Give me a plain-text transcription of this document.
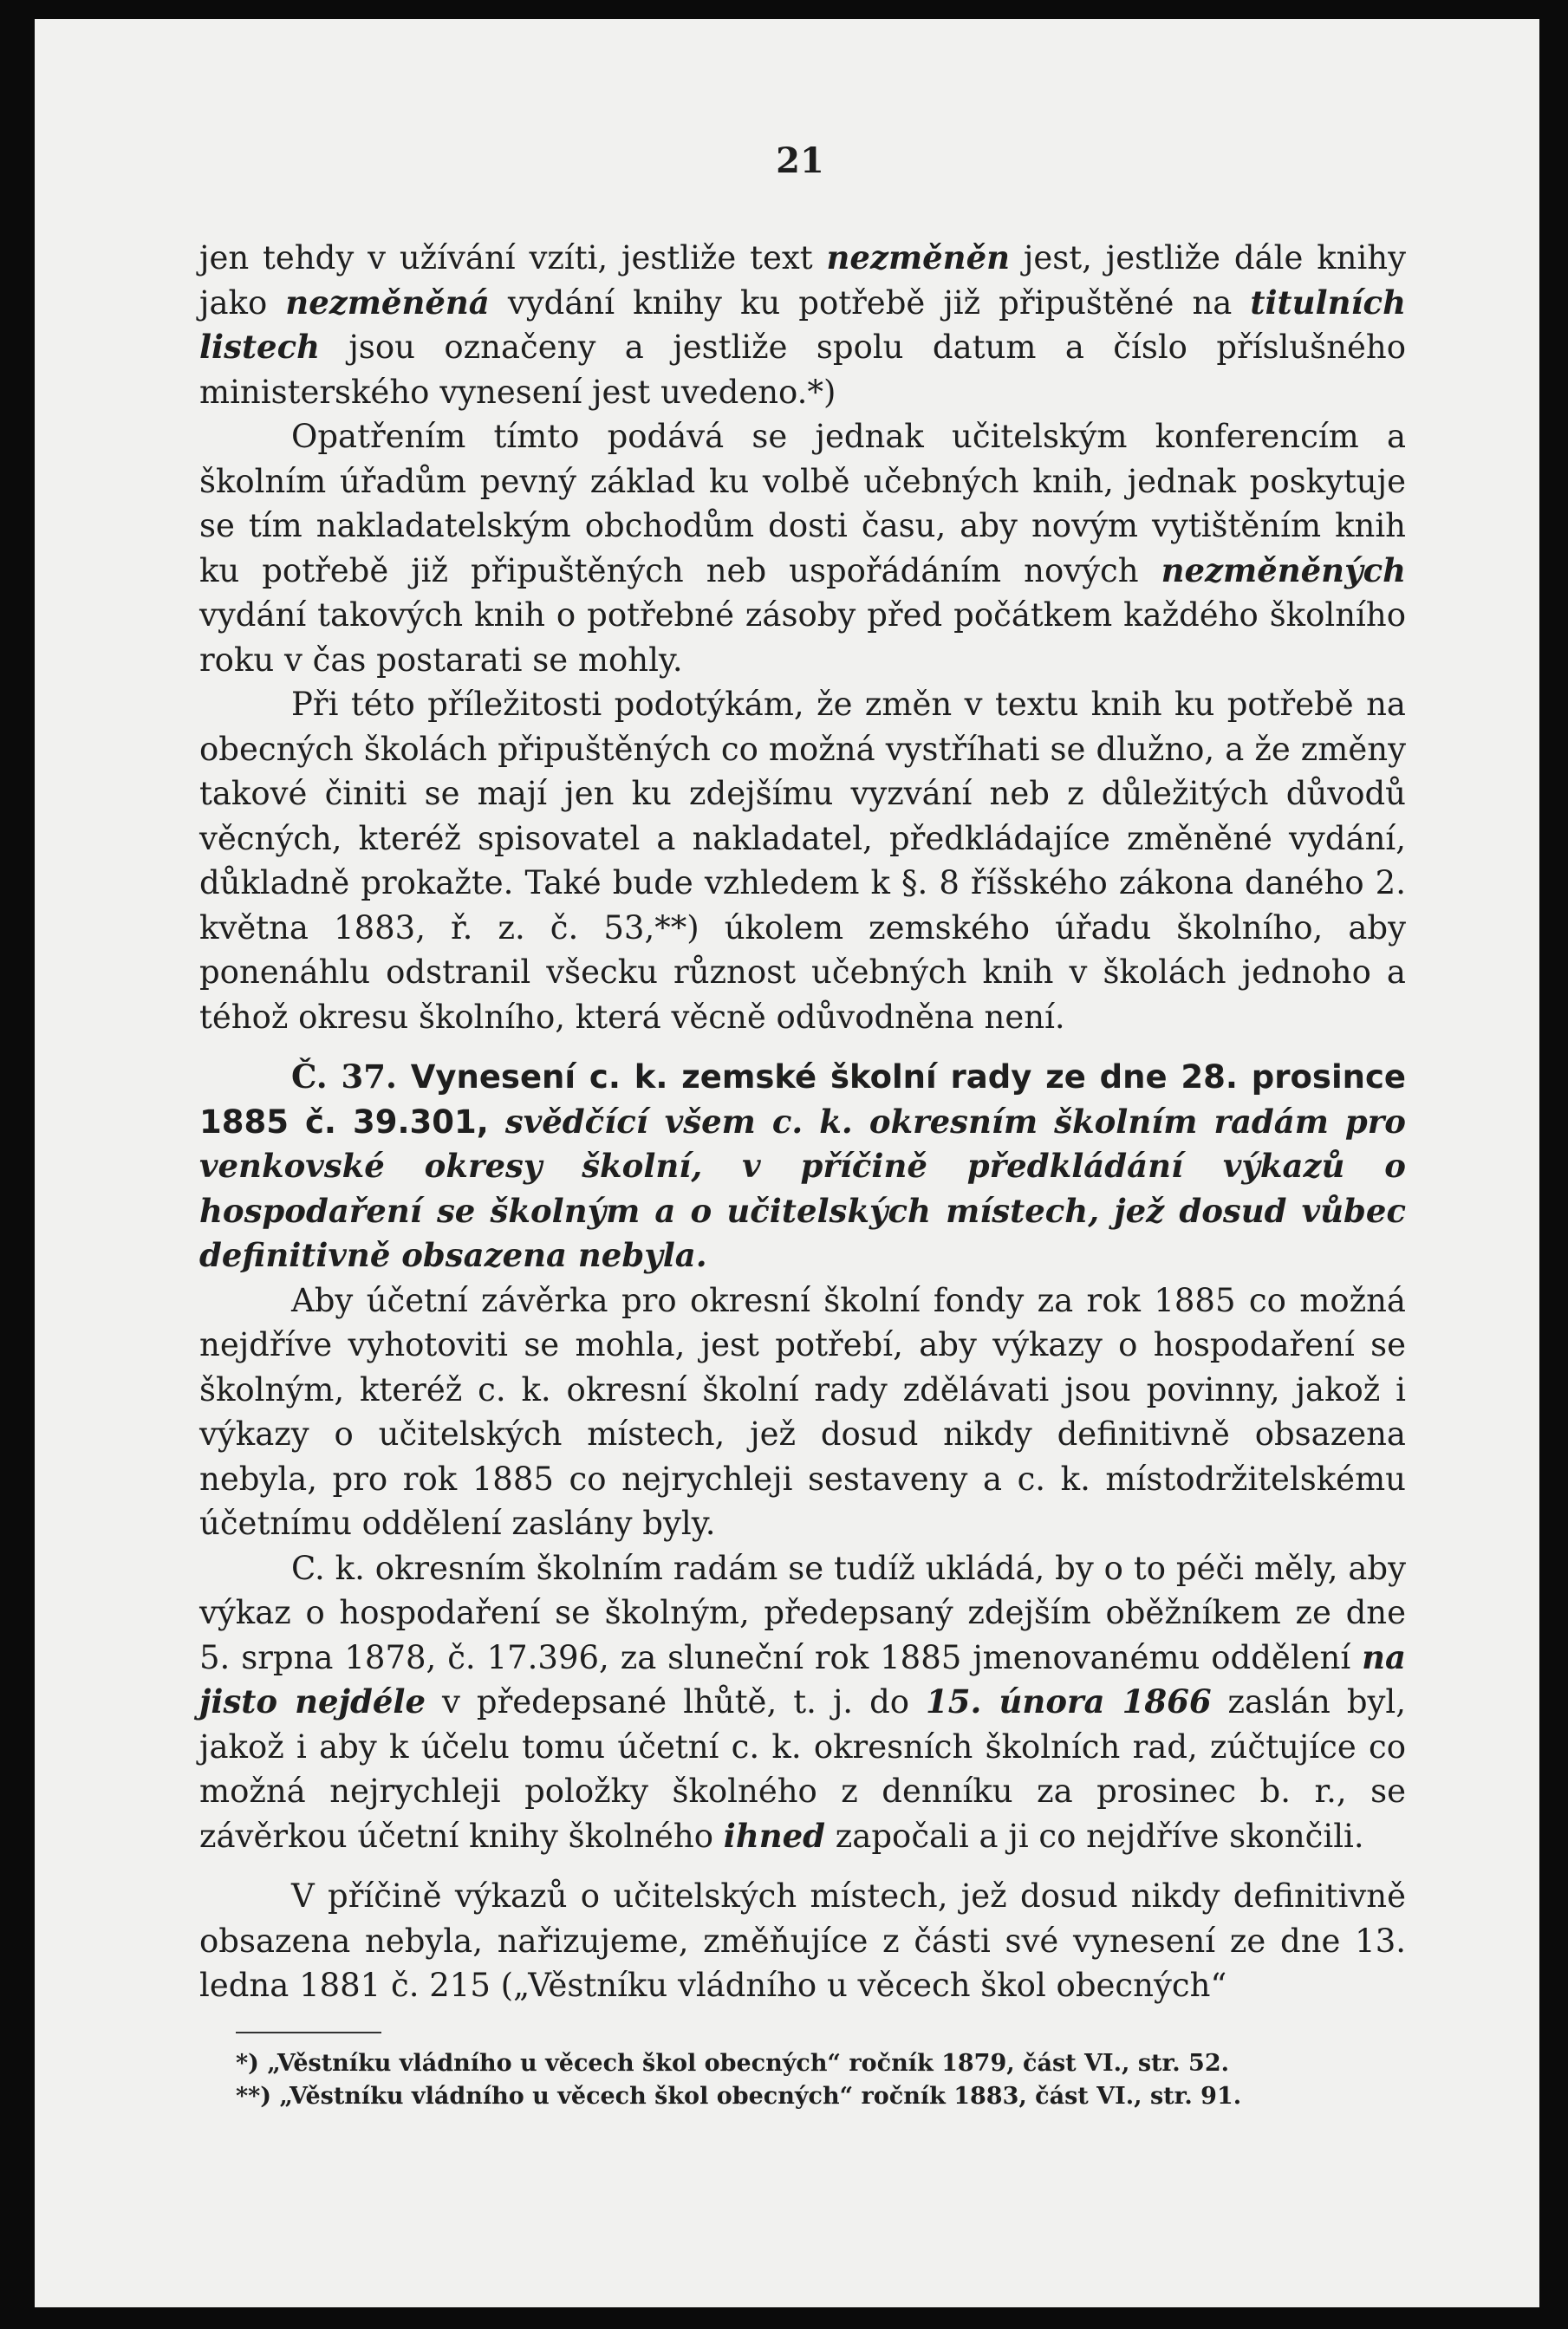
21

jen tehdy v užívání vzíti, jestliže text nezměněn jest, jestliže dále knihy jako nezměněná vydání knihy ku potřebě již připuštěné na titulních listech jsou označeny a jestliže spolu datum a číslo příslušného ministerského vynesení jest uvedeno.*)

Opatřením tímto podává se jednak učitelským konferencím a školním úřadům pevný základ ku volbě učebných knih, jednak poskytuje se tím nakladatelským obchodům dosti času, aby novým vytištěním knih ku potřebě již připuštěných neb uspořádáním nových nezměněných vydání takových knih o potřebné zásoby před počátkem každého školního roku v čas postarati se mohly.

Při této příležitosti podotýkám, že změn v textu knih ku potřebě na obecných školách připuštěných co možná vystříhati se dlužno, a že změny takové činiti se mají jen ku zdejšímu vyzvání neb z důležitých důvodů věcných, kteréž spisovatel a nakladatel, předkládajíce změněné vydání, důkladně prokažte. Také bude vzhledem k §. 8 říšského zákona daného 2. května 1883, ř. z. č. 53,**) úkolem zemského úřadu školního, aby ponenáhlu odstranil všecku různost učebných knih v školách jednoho a téhož okresu školního, která věcně odůvodněna není.

Č. 37. Vynesení c. k. zemské školní rady ze dne 28. prosince 1885 č. 39.301, svědčící všem c. k. okresním školním radám pro venkovské okresy školní, v příčině předkládání výkazů o hospodaření se školným a o učitelských místech, jež dosud vůbec definitivně obsazena nebyla.

Aby účetní závěrka pro okresní školní fondy za rok 1885 co možná nejdříve vyhotoviti se mohla, jest potřebí, aby výkazy o hospodaření se školným, kteréž c. k. okresní školní rady zdělávati jsou povinny, jakož i výkazy o učitelských místech, jež dosud nikdy definitivně obsazena nebyla, pro rok 1885 co nejrychleji sestaveny a c. k. místodržitelskému účetnímu oddělení zaslány byly.

C. k. okresním školním radám se tudíž ukládá, by o to péči měly, aby výkaz o hospodaření se školným, předepsaný zdejším oběžníkem ze dne 5. srpna 1878, č. 17.396, za sluneční rok 1885 jmenovanému oddělení na jisto nejdéle v předepsané lhůtě, t. j. do 15. února 1866 zaslán byl, jakož i aby k účelu tomu účetní c. k. okresních školních rad, zúčtujíce co možná nejrychleji položky školného z denníku za prosinec b. r., se závěrkou účetní knihy školného ihned započali a ji co nejdříve skončili.

V příčině výkazů o učitelských místech, jež dosud nikdy definitivně obsazena nebyla, nařizujeme, změňujíce z části své vynesení ze dne 13. ledna 1881 č. 215 („Věstníku vládního u věcech škol obecných“

*) „Věstníku vládního u věcech škol obecných“ ročník 1879, část VI., str. 52.

**) „Věstníku vládního u věcech škol obecných“ ročník 1883, část VI., str. 91.
